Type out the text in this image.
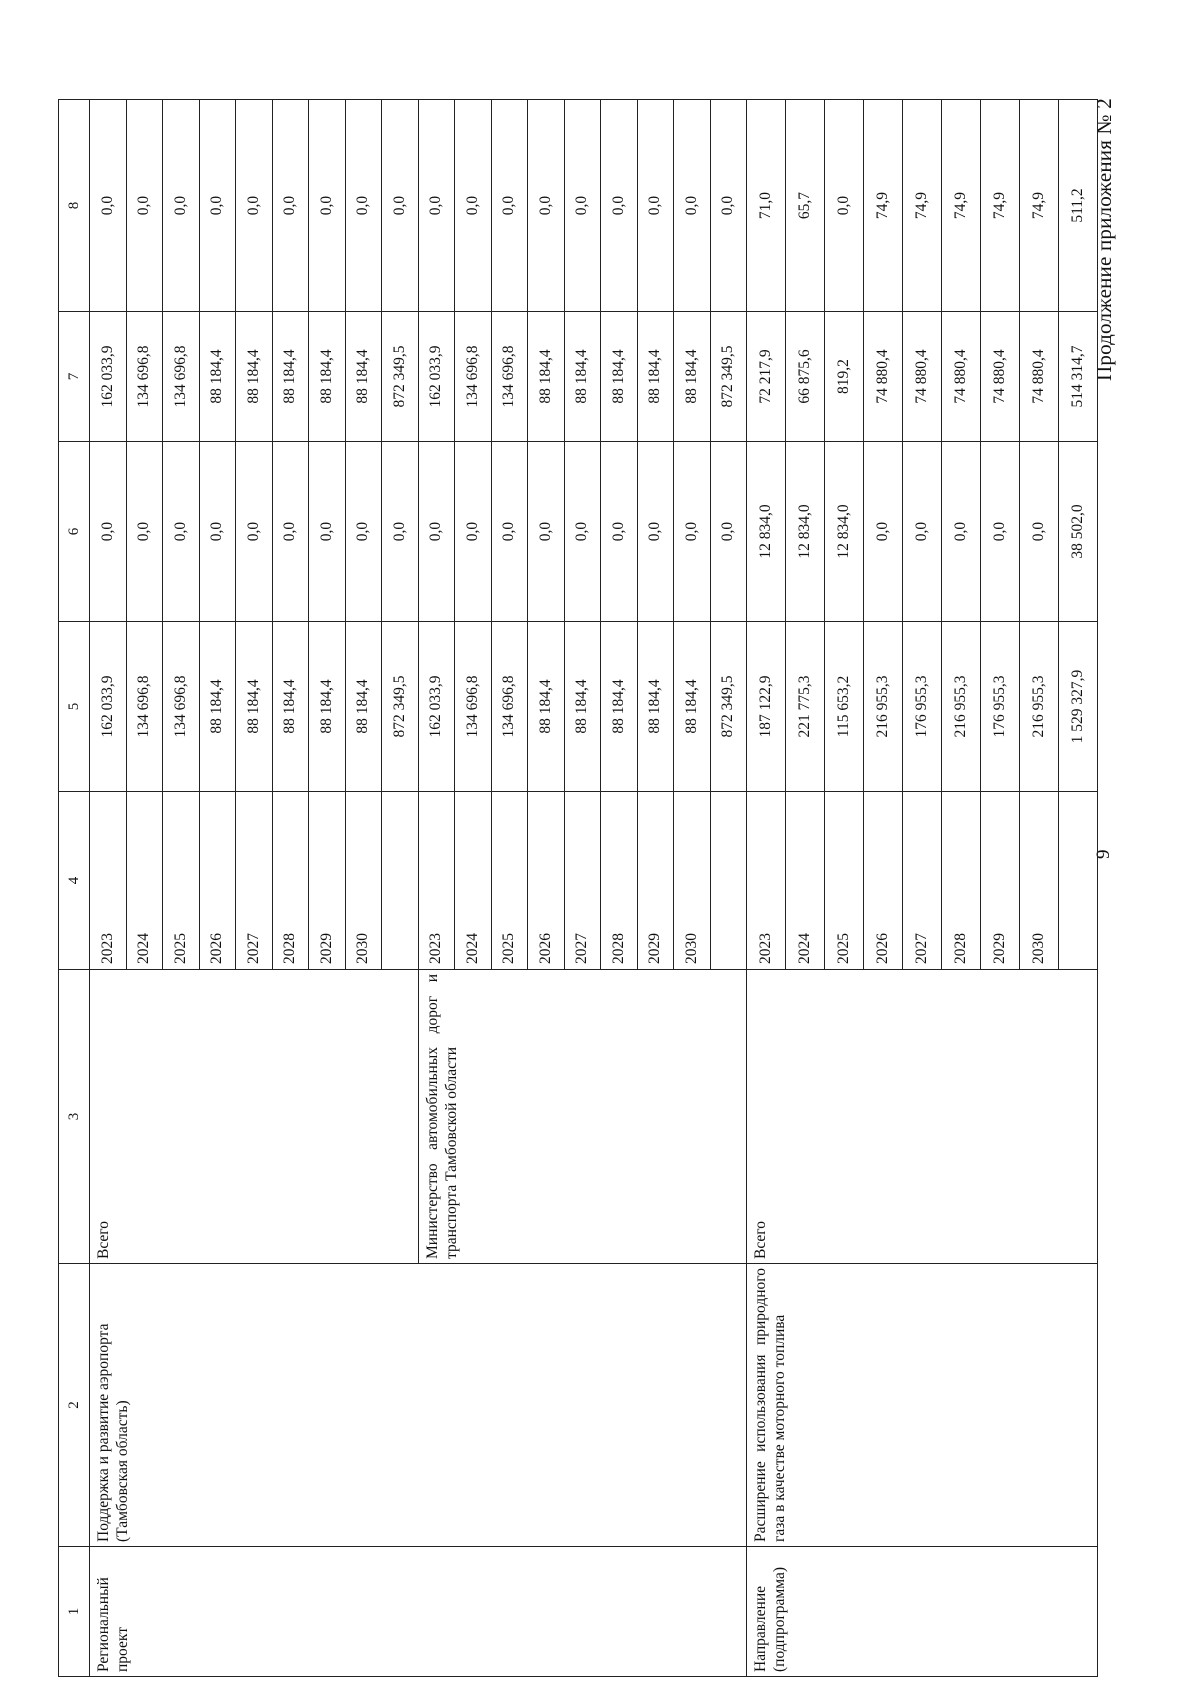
9
Продолжение приложения № 2
1	2	3	4	5	6	7	8	
Региональный проект	Поддержка и развитие аэропорта (Тамбовская область)	Всего	2023	162 033,9	0,0	162 033,9	0,0	
			2024	134 696,8	0,0	134 696,8	0,0	
			2025	134 696,8	0,0	134 696,8	0,0	
			2026	88 184,4	0,0	88 184,4	0,0	
			2027	88 184,4	0,0	88 184,4	0,0	
			2028	88 184,4	0,0	88 184,4	0,0	
			2029	88 184,4	0,0	88 184,4	0,0	
			2030	88 184,4	0,0	88 184,4	0,0	
				872 349,5	0,0	872 349,5	0,0	
		Министерство автомобильных дорог и транспорта Тамбовской области	2023	162 033,9	0,0	162 033,9	0,0	
			2024	134 696,8	0,0	134 696,8	0,0	
			2025	134 696,8	0,0	134 696,8	0,0	
			2026	88 184,4	0,0	88 184,4	0,0	
			2027	88 184,4	0,0	88 184,4	0,0	
			2028	88 184,4	0,0	88 184,4	0,0	
			2029	88 184,4	0,0	88 184,4	0,0	
			2030	88 184,4	0,0	88 184,4	0,0	
				872 349,5	0,0	872 349,5	0,0	
Направление (подпрограмма)	Расширение использования природного газа в качестве моторного топлива	Всего	2023	187 122,9	12 834,0	72 217,9	71,0	
			2024	221 775,3	12 834,0	66 875,6	65,7	
			2025	115 653,2	12 834,0	819,2	0,0	
			2026	216 955,3	0,0	74 880,4	74,9	
			2027	176 955,3	0,0	74 880,4	74,9	
			2028	216 955,3	0,0	74 880,4	74,9	
			2029	176 955,3	0,0	74 880,4	74,9	
			2030	216 955,3	0,0	74 880,4	74,9	
				1 529 327,9	38 502,0	514 314,7	511,2	
